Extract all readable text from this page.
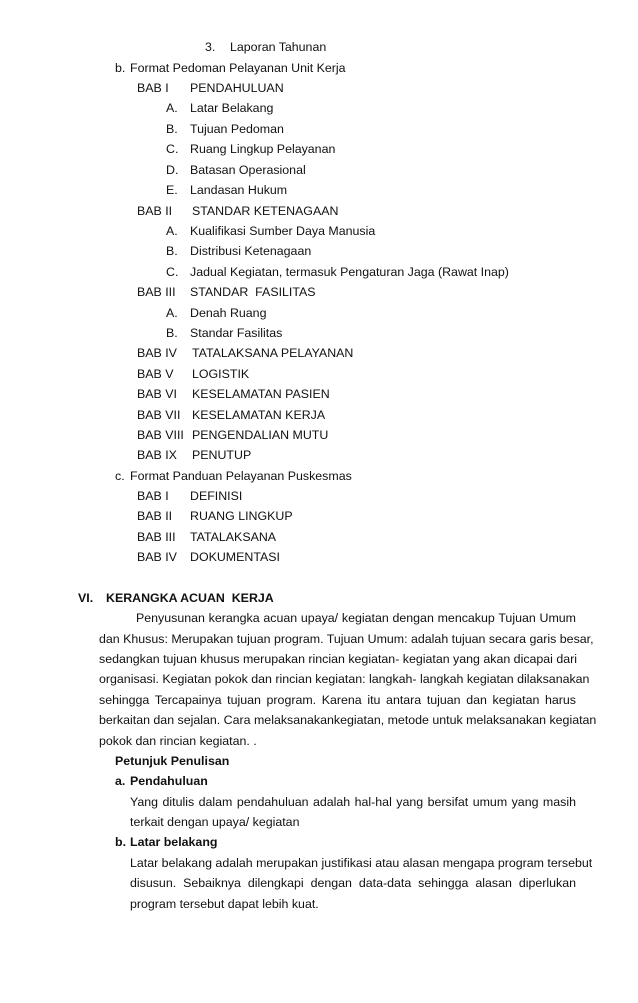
3. Laporan Tahunan
b. Format Pedoman Pelayanan Unit Kerja
BAB I PENDAHULUAN
A. Latar Belakang
B. Tujuan Pedoman
C. Ruang Lingkup Pelayanan
D. Batasan Operasional
E. Landasan Hukum
BAB II STANDAR KETENAGAAN
A. Kualifikasi Sumber Daya Manusia
B. Distribusi Ketenagaan
C. Jadual Kegiatan, termasuk Pengaturan Jaga (Rawat Inap)
BAB III STANDAR  FASILITAS
A. Denah Ruang
B. Standar Fasilitas
BAB IV TATALAKSANA PELAYANAN
BAB V LOGISTIK
BAB VI KESELAMATAN PASIEN
BAB VII KESELAMATAN KERJA
BAB VIII PENGENDALIAN MUTU
BAB IX PENUTUP
c. Format Panduan Pelayanan Puskesmas
BAB I DEFINISI
BAB II RUANG LINGKUP
BAB III TATALAKSANA
BAB IV DOKUMENTASI
VI. KERANGKA ACUAN  KERJA
Penyusunan kerangka acuan upaya/ kegiatan dengan mencakup Tujuan Umum
dan Khusus: Merupakan tujuan program. Tujuan Umum: adalah tujuan secara garis besar,
sedangkan tujuan khusus merupakan rincian kegiatan- kegiatan yang akan dicapai dari
organisasi. Kegiatan pokok dan rincian kegiatan: langkah- langkah kegiatan dilaksanakan
sehingga Tercapainya tujuan program. Karena itu antara tujuan dan kegiatan harus
berkaitan dan sejalan. Cara melaksanakankegiatan, metode untuk melaksanakan kegiatan
pokok dan rincian kegiatan. .
Petunjuk Penulisan
a. Pendahuluan
Yang ditulis dalam pendahuluan adalah hal-hal yang bersifat umum yang masih
terkait dengan upaya/ kegiatan
b. Latar belakang
Latar belakang adalah merupakan justifikasi atau alasan mengapa program tersebut
disusun. Sebaiknya dilengkapi dengan data-data sehingga alasan diperlukan
program tersebut dapat lebih kuat.
